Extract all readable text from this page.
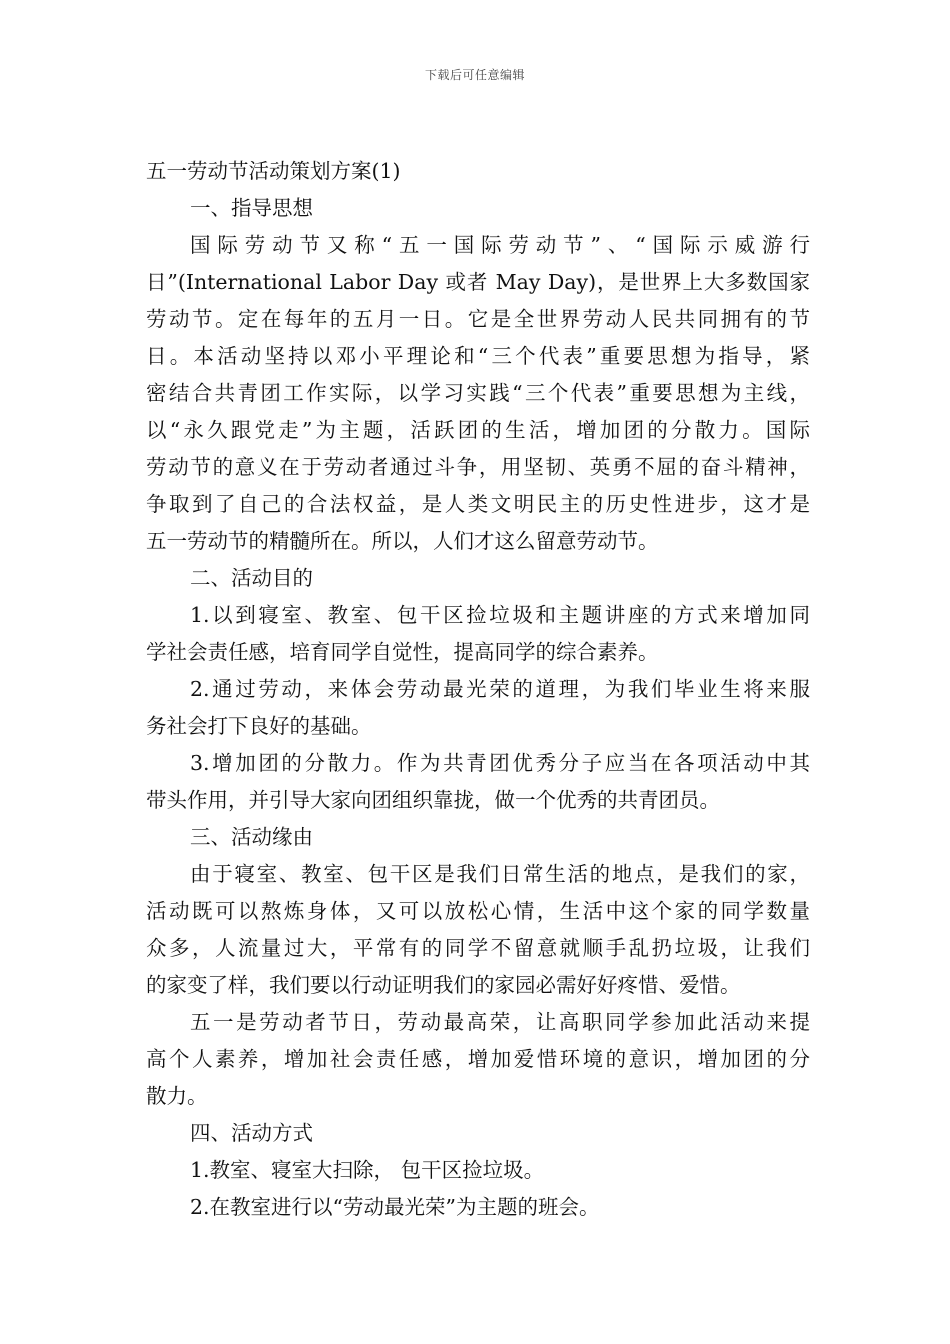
下载后可任意编辑
五一劳动节活动策划方案(1)
一、指导思想
国际劳动节又称“五一国际劳动节”、“国际示威游行
日”(International Labor Day 或者 May Day)，是世界上大多数国家
劳动节。定在每年的五月一日。它是全世界劳动人民共同拥有的节
日。本活动坚持以邓小平理论和“三个代表”重要思想为指导，紧
密结合共青团工作实际，以学习实践“三个代表”重要思想为主线，
以“永久跟党走”为主题，活跃团的生活，增加团的分散力。国际
劳动节的意义在于劳动者通过斗争，用坚韧、英勇不屈的奋斗精神，
争取到了自己的合法权益，是人类文明民主的历史性进步，这才是
五一劳动节的精髓所在。所以，人们才这么留意劳动节。
二、活动目的
1.以到寝室、教室、包干区捡垃圾和主题讲座的方式来增加同
学社会责任感，培育同学自觉性，提高同学的综合素养。
2.通过劳动，来体会劳动最光荣的道理，为我们毕业生将来服
务社会打下良好的基础。
3.增加团的分散力。作为共青团优秀分子应当在各项活动中其
带头作用，并引导大家向团组织靠拢，做一个优秀的共青团员。
三、活动缘由
由于寝室、教室、包干区是我们日常生活的地点，是我们的家，
活动既可以熬炼身体，又可以放松心情，生活中这个家的同学数量
众多，人流量过大，平常有的同学不留意就顺手乱扔垃圾，让我们
的家变了样，我们要以行动证明我们的家园必需好好疼惜、爱惜。
五一是劳动者节日，劳动最高荣，让高职同学参加此活动来提
高个人素养，增加社会责任感，增加爱惜环境的意识，增加团的分
散力。
四、活动方式
1.教室、寝室大扫除， 包干区捡垃圾。
2.在教室进行以“劳动最光荣”为主题的班会。
